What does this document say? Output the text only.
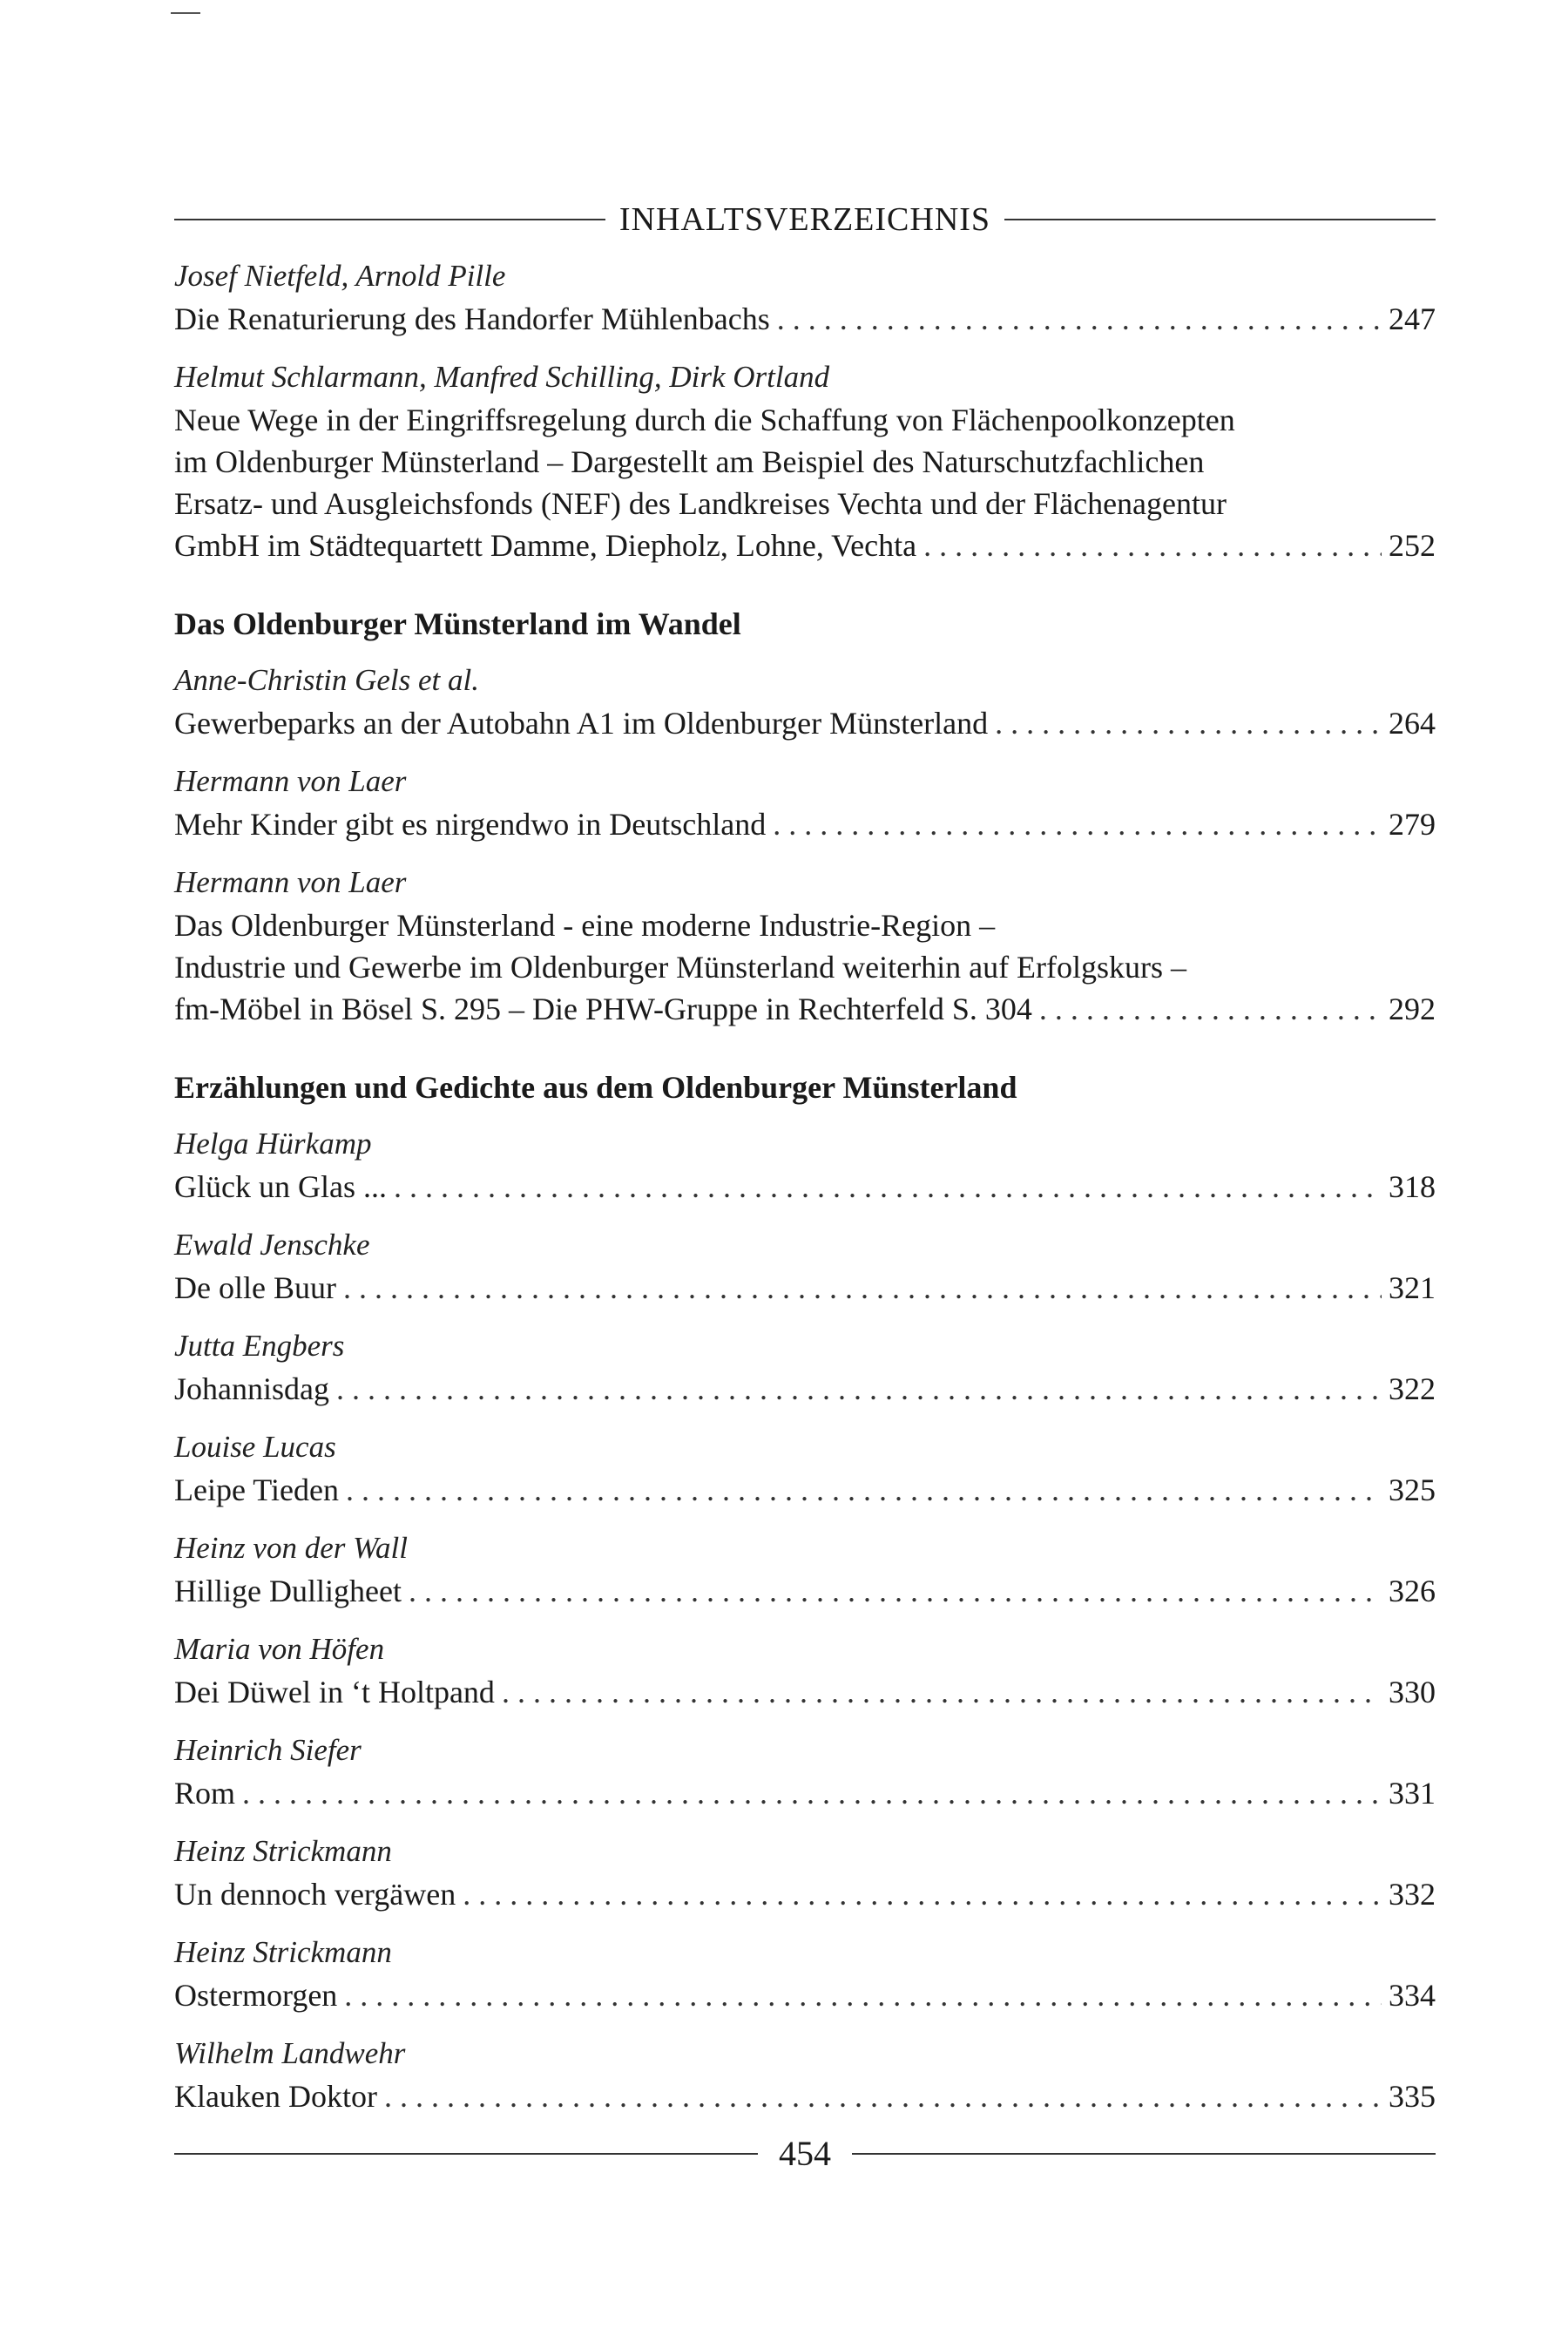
INHALTSVERZEICHNIS
Josef Nietfeld, Arnold Pille
Die Renaturierung des Handorfer Mühlenbachs . . .	247
Helmut Schlarmann, Manfred Schilling, Dirk Ortland
Neue Wege in der Eingriffsregelung durch die Schaffung von Flächenpoolkonzepten
im Oldenburger Münsterland – Dargestellt am Beispiel des Naturschutzfachlichen
Ersatz- und Ausgleichsfonds (NEF) des Landkreises Vechta und der Flächenagentur
GmbH im Städtequartett Damme, Diepholz, Lohne, Vechta . . .	252
Das Oldenburger Münsterland im Wandel
Anne-Christin Gels et al.
Gewerbeparks an der Autobahn A1 im Oldenburger Münsterland . . .	264
Hermann von Laer
Mehr Kinder gibt es nirgendwo in Deutschland . . .	279
Hermann von Laer
Das Oldenburger Münsterland - eine moderne Industrie-Region –
Industrie und Gewerbe im Oldenburger Münsterland weiterhin auf Erfolgskurs –
fm-Möbel in Bösel S. 295 – Die PHW-Gruppe in Rechterfeld S. 304 . . .	292
Erzählungen und Gedichte aus dem Oldenburger Münsterland
Helga Hürkamp
Glück un Glas ... . . .	318
Ewald Jenschke
De olle Buur . . .	321
Jutta Engbers
Johannisdag . . .	322
Louise Lucas
Leipe Tieden . . .	325
Heinz von der Wall
Hillige Dulligheet . . .	326
Maria von Höfen
Dei Düwel in ‘t Holtpand . . .	330
Heinrich Siefer
Rom . . .	331
Heinz Strickmann
Un dennoch vergäwen . . .	332
Heinz Strickmann
Ostermorgen . . .	334
Wilhelm Landwehr
Klauken Doktor . . .	335
454
